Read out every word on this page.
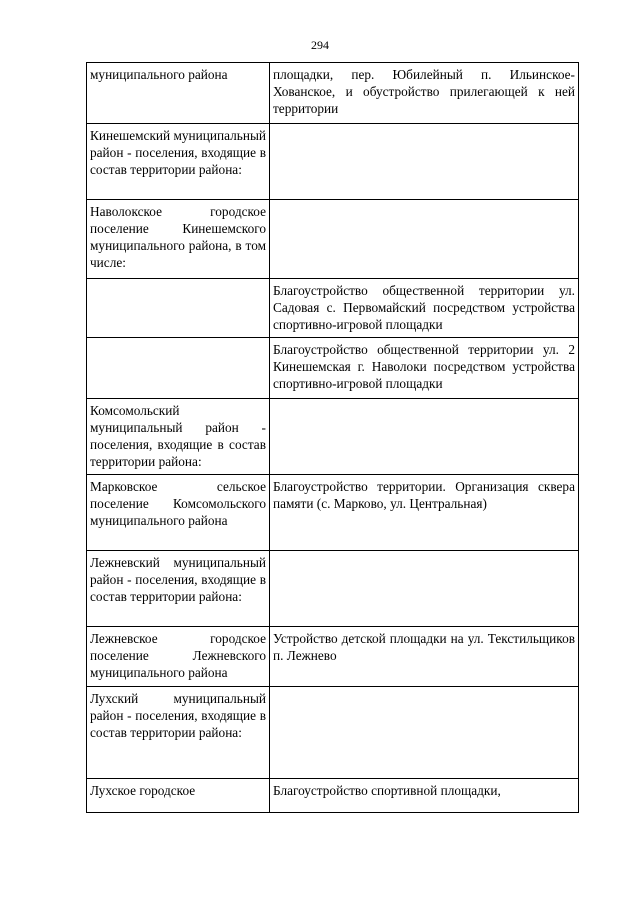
294
муниципального района	площадки, пер. Юбилейный п. Ильинское-Хованское, и обустройство прилегающей к ней территории

Кинешемский муниципальный район - поселения, входящие в состав территории района:	

Наволокское городское поселение Кинешемского муниципального района, в том числе:	

	Благоустройство общественной территории ул. Садовая с. Первомайский посредством устройства спортивно-игровой площадки

	Благоустройство общественной территории ул. 2 Кинешемская г. Наволоки посредством устройства спортивно-игровой площадки

Комсомольский муниципальный район - поселения, входящие в состав территории района:	

Марковское сельское поселение Комсомольского муниципального района	Благоустройство территории. Организация сквера памяти (с. Марково, ул. Центральная)

Лежневский муниципальный район - поселения, входящие в состав территории района:	

Лежневское городское поселение Лежневского муниципального района	Устройство детской площадки на ул. Текстильщиков п. Лежнево

Лухский муниципальный район - поселения, входящие в состав территории района:	

Лухское городское	Благоустройство спортивной площадки,
